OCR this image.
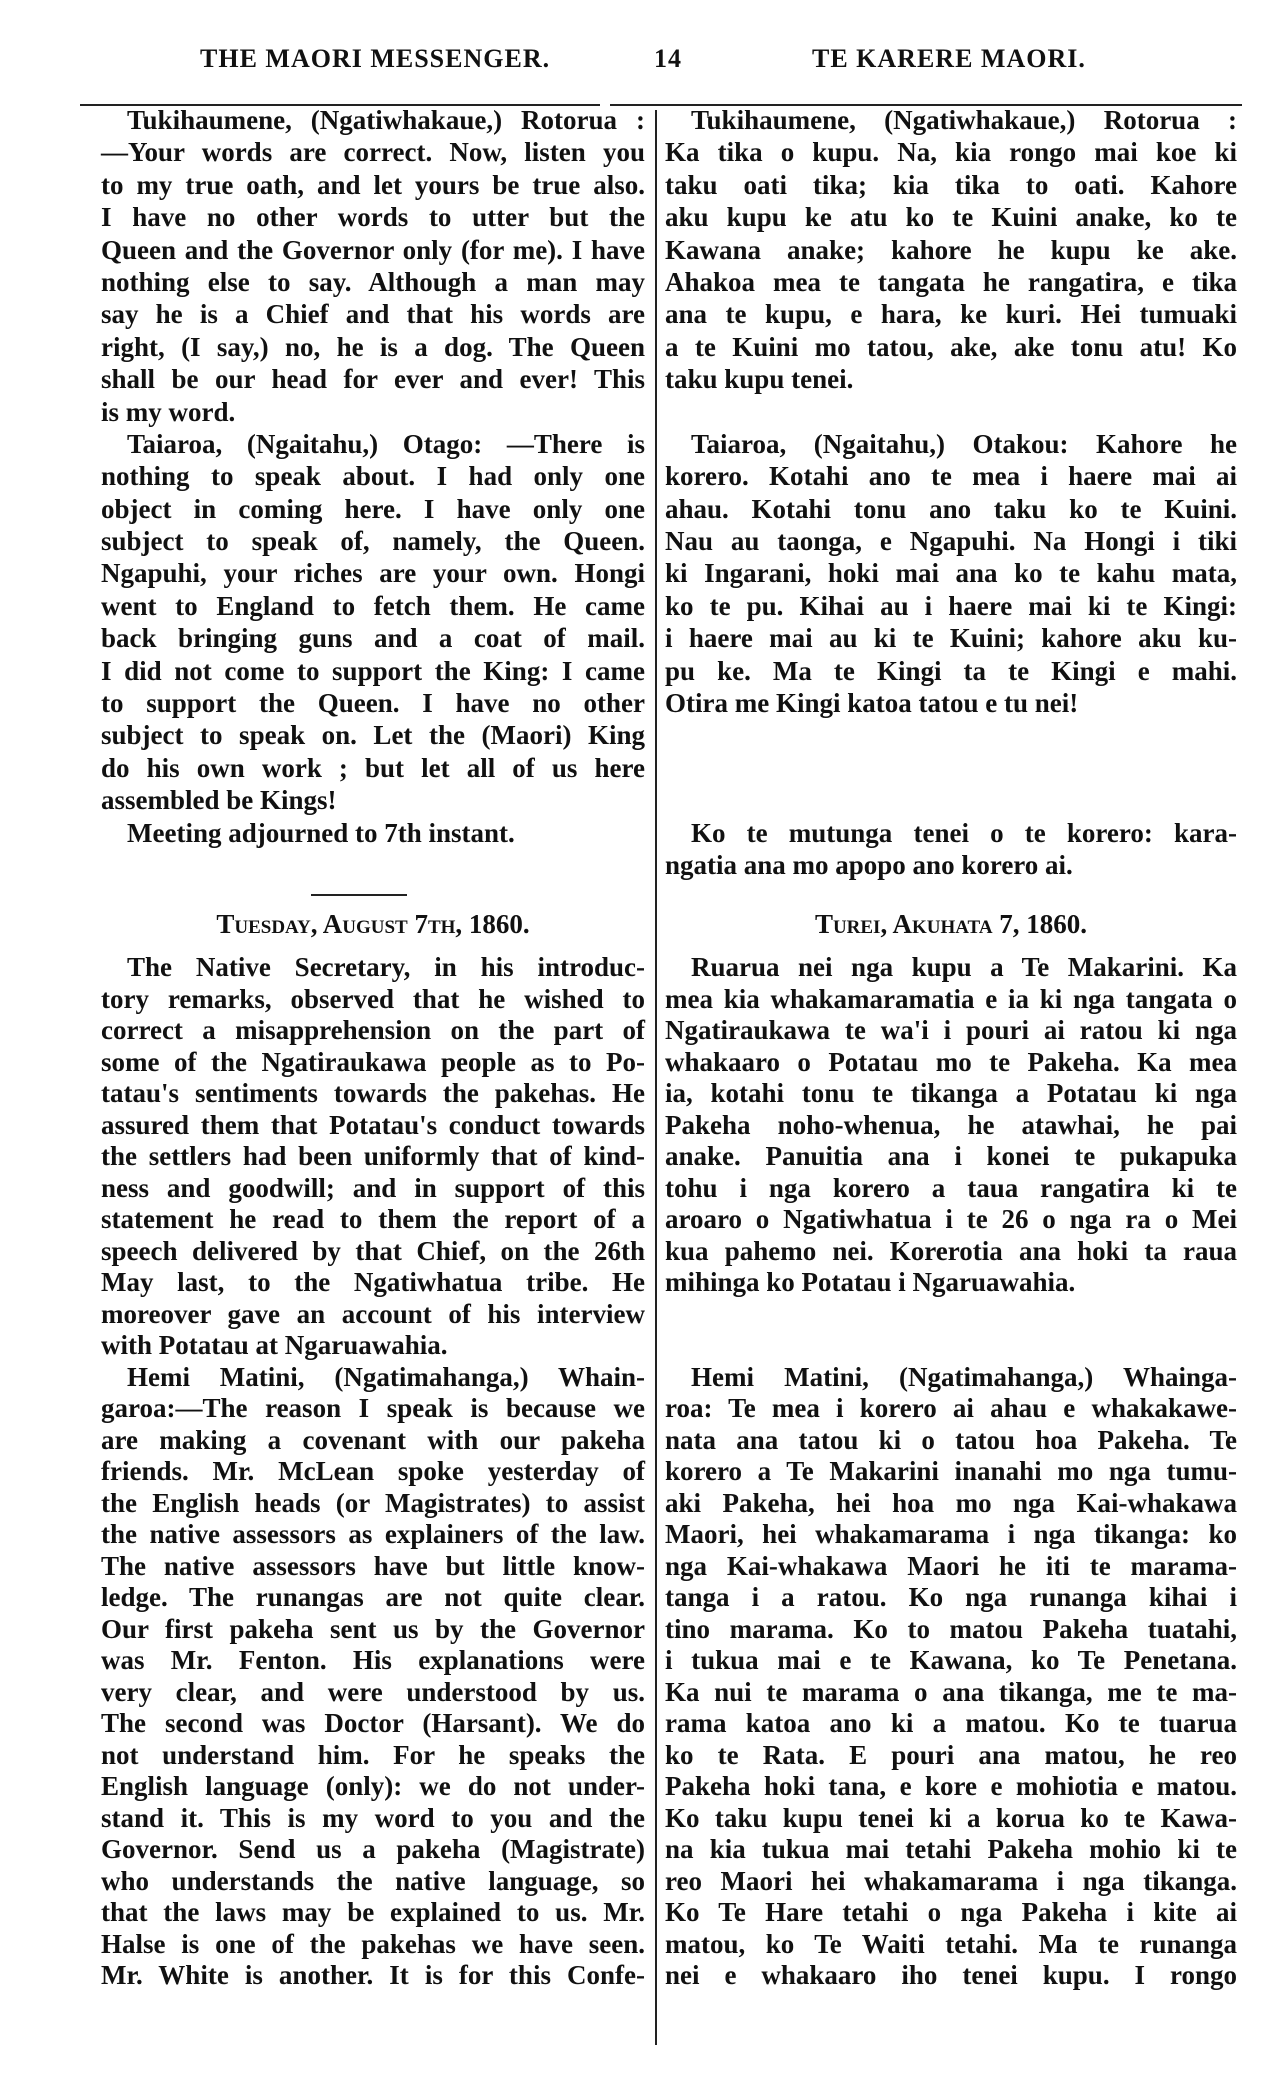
THE MAORI MESSENGER.	14	TE KARERE MAORI.
Tukihaumene, (Ngatiwhakaue,) Rotorua :
—Your words are correct. Now, listen you
to my true oath, and let yours be true also.
I have no other words to utter but the
Queen and the Governor only (for me). I have
nothing else to say. Although a man may
say he is a Chief and that his words are
right, (I say,) no, he is a dog. The Queen
shall be our head for ever and ever! This
is my word.
Taiaroa, (Ngaitahu,) Otago: —There is
nothing to speak about. I had only one
object in coming here. I have only one
subject to speak of, namely, the Queen.
Ngapuhi, your riches are your own. Hongi
went to England to fetch them. He came
back bringing guns and a coat of mail.
I did not come to support the King: I came
to support the Queen. I have no other
subject to speak on. Let the (Maori) King
do his own work ; but let all of us here
assembled be Kings!
Meeting adjourned to 7th instant.
Tuesday, August 7th, 1860.
The Native Secretary, in his introduc-
tory remarks, observed that he wished to
correct a misapprehension on the part of
some of the Ngatiraukawa people as to Po-
tatau's sentiments towards the pakehas. He
assured them that Potatau's conduct towards
the settlers had been uniformly that of kind-
ness and goodwill; and in support of this
statement he read to them the report of a
speech delivered by that Chief, on the 26th
May last, to the Ngatiwhatua tribe. He
moreover gave an account of his interview
with Potatau at Ngaruawahia.
Hemi Matini, (Ngatimahanga,) Whain-
garoa:—The reason I speak is because we
are making a covenant with our pakeha
friends. Mr. McLean spoke yesterday of
the English heads (or Magistrates) to assist
the native assessors as explainers of the law.
The native assessors have but little know-
ledge. The runangas are not quite clear.
Our first pakeha sent us by the Governor
was Mr. Fenton. His explanations were
very clear, and were understood by us.
The second was Doctor (Harsant). We do
not understand him. For he speaks the
English language (only): we do not under-
stand it. This is my word to you and the
Governor. Send us a pakeha (Magistrate)
who understands the native language, so
that the laws may be explained to us. Mr.
Halse is one of the pakehas we have seen.
Mr. White is another. It is for this Confe-
Tukihaumene, (Ngatiwhakaue,) Rotorua :
Ka tika o kupu. Na, kia rongo mai koe ki
taku oati tika; kia tika to oati. Kahore
aku kupu ke atu ko te Kuini anake, ko te
Kawana anake; kahore he kupu ke ake.
Ahakoa mea te tangata he rangatira, e tika
ana te kupu, e hara, ke kuri. Hei tumuaki
a te Kuini mo tatou, ake, ake tonu atu! Ko
taku kupu tenei.
Taiaroa, (Ngaitahu,) Otakou: Kahore he
korero. Kotahi ano te mea i haere mai ai
ahau. Kotahi tonu ano taku ko te Kuini.
Nau au taonga, e Ngapuhi. Na Hongi i tiki
ki Ingarani, hoki mai ana ko te kahu mata,
ko te pu. Kihai au i haere mai ki te Kingi:
i haere mai au ki te Kuini; kahore aku ku-
pu ke. Ma te Kingi ta te Kingi e mahi.
Otira me Kingi katoa tatou e tu nei!
Ko te mutunga tenei o te korero: kara-
ngatia ana mo apopo ano korero ai.
Turei, Akuhata 7, 1860.
Ruarua nei nga kupu a Te Makarini. Ka
mea kia whakamaramatia e ia ki nga tangata o
Ngatiraukawa te wa'i i pouri ai ratou ki nga
whakaaro o Potatau mo te Pakeha. Ka mea
ia, kotahi tonu te tikanga a Potatau ki nga
Pakeha noho-whenua, he atawhai, he pai
anake. Panuitia ana i konei te pukapuka
tohu i nga korero a taua rangatira ki te
aroaro o Ngatiwhatua i te 26 o nga ra o Mei
kua pahemo nei. Korerotia ana hoki ta raua
mihinga ko Potatau i Ngaruawahia.
Hemi Matini, (Ngatimahanga,) Whainga-
roa: Te mea i korero ai ahau e whakakawe-
nata ana tatou ki o tatou hoa Pakeha. Te
korero a Te Makarini inanahi mo nga tumu-
aki Pakeha, hei hoa mo nga Kai-whakawa
Maori, hei whakamarama i nga tikanga: ko
nga Kai-whakawa Maori he iti te marama-
tanga i a ratou. Ko nga runanga kihai i
tino marama. Ko to matou Pakeha tuatahi,
i tukua mai e te Kawana, ko Te Penetana.
Ka nui te marama o ana tikanga, me te ma-
rama katoa ano ki a matou. Ko te tuarua
ko te Rata. E pouri ana matou, he reo
Pakeha hoki tana, e kore e mohiotia e matou.
Ko taku kupu tenei ki a korua ko te Kawa-
na kia tukua mai tetahi Pakeha mohio ki te
reo Maori hei whakamarama i nga tikanga.
Ko Te Hare tetahi o nga Pakeha i kite ai
matou, ko Te Waiti tetahi. Ma te runanga
nei e whakaaro iho tenei kupu. I rongo
